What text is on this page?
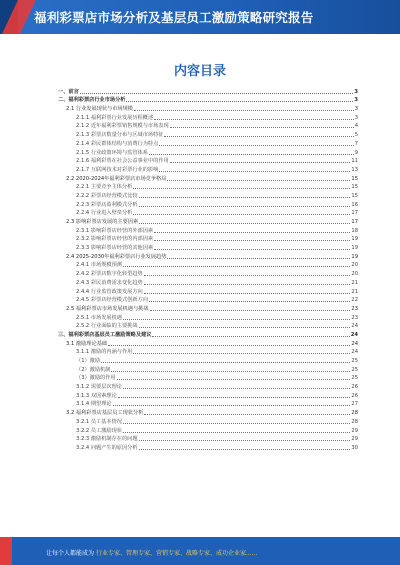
福利彩票店市场分析及基层员工激励策略研究报告
内容目录
一、前言	3
二、福利彩票店行业市场分析	3
2.1 行业发展现状与市场规模	3
2.1.1 福利彩票行业发展历程概述	3
2.1.2 近年福利彩票销售规模与市场表现	4
2.1.3 彩票店数量分布与区域市场特征	5
2.1.4 彩民群体结构与消费行为特点	7
2.1.5 行业政策环境与监管体系	9
2.1.6 福利彩票在社会公益事业中的作用	11
2.1.7 互联网技术对彩票行业的影响	13
2.2 2020-2024年福利彩票店市场竞争格局	15
2.2.1 主要竞争主体分析	15
2.2.2 彩票店经营模式比较	15
2.2.3 彩票店盈利模式分析	16
2.2.4 行业进入壁垒分析	17
2.3 影响彩票店发展的主要因素	17
2.3.1 影响彩票店经营的外部因素	18
2.3.2 影响彩票店经营的内部因素	19
2.3.3 影响彩票店经营的其他因素	19
2.4 2025-2030年福利彩票店行业发展趋势	19
2.4.1 市场规模预测	20
2.4.2 彩票店数字化转型趋势	20
2.4.3 彩民消费需求变化趋势	21
2.4.4 行业监管政策发展方向	21
2.4.5 彩票店经营模式创新方向	22
2.5 福利彩票店市场发展机遇与挑战	23
2.5.1 市场发展机遇	23
2.5.2 行业面临的主要挑战	24
三、福利彩票店基层员工激励策略及建议	24
3.1 激励理论基础	24
3.1.1 激励的内涵与作用	24
（1）激励	25
（2）激励机制	25
（3）激励的作用	25
3.1.2 需要层次理论	26
3.1.3 双因素理论	26
3.1.4 期望理论	27
3.2 福利彩票店基层员工现状分析	28
3.2.1 员工基本情况	28
3.2.2 员工激励现状	29
3.2.3 激励机制存在的问题	29
3.2.4 问题产生的原因分析	30
让每个人都能成为 行业专家、管理专家、营销专家、战略专家、成功企业家......
